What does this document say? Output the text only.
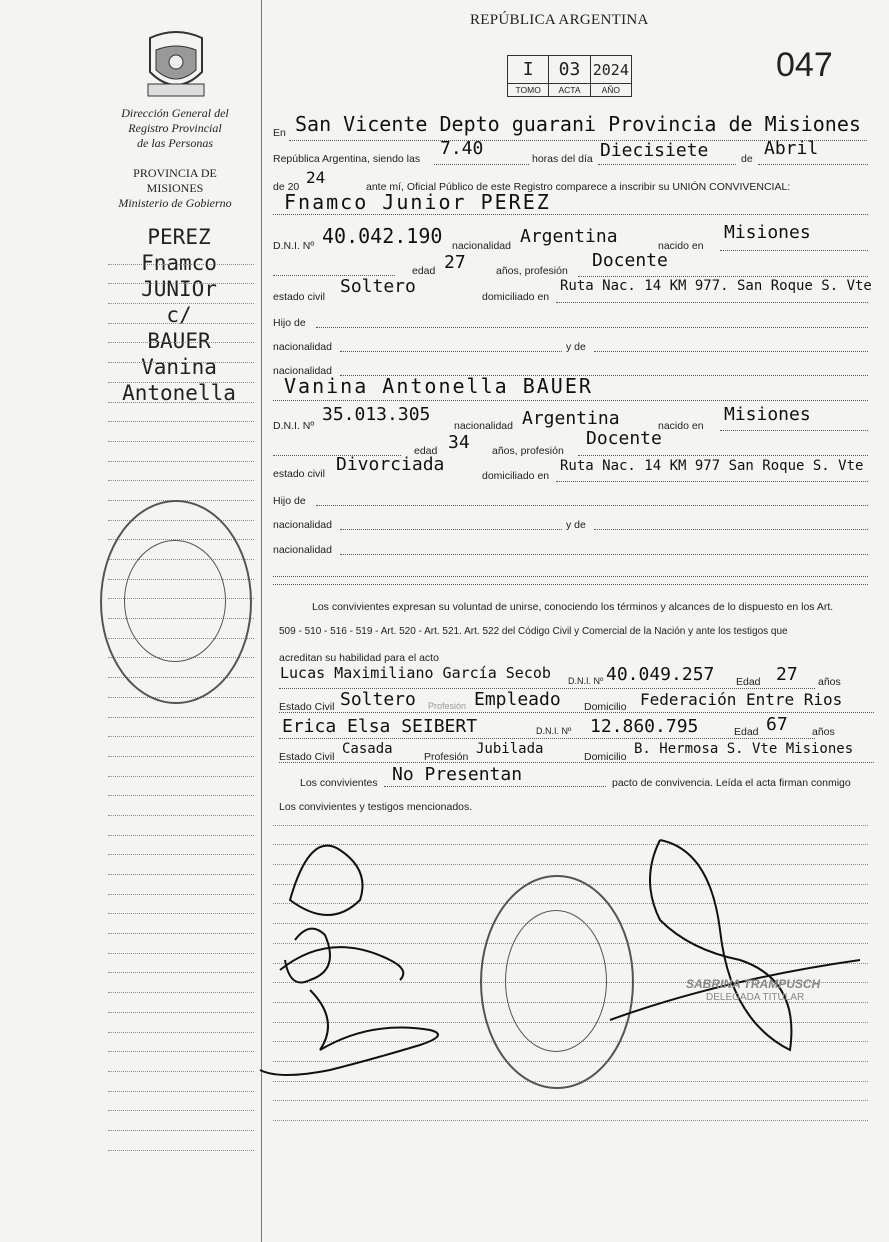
Dirección General del
Registro Provincial
de las Personas
PROVINCIA DE
MISIONES
Ministerio de Gobierno
PEREZ
Fnamco
JUNIOr
c/
BAUER
Vanina
Antonella
REPÚBLICA ARGENTINA
I
TOMO
03
ACTA
2024
AÑO
047
En San Vicente Depto guarani Provincia de Misiones
República Argentina, siendo las 7.40	horas del día Diecisiete	de Abril
de 20 24	ante mí, Oficial Público de este Registro comparece a inscribir su UNIÓN CONVIVENCIAL:
Fnamco Junior PEREZ
D.N.I. Nº 40.042.190 nacionalidad Argentina	nacido en
Misiones
edad 27	años, profesión Docente
estado civil Soltero	domiciliado en
Ruta Nac. 14 KM 977. San Roque S. Vte
Hijo de
nacionalidad	y de
nacionalidad
Vanina Antonella BAUER
D.N.I. Nº
35.013.305
nacionalidad Argentina	nacido en
Misiones
edad 34 años, profesión
Docente
estado civil Divorciada
domiciliado en
Ruta Nac. 14 KM 977 San Roque S. Vte
Hijo de
nacionalidad	y de
nacionalidad
Los convivientes expresan su voluntad de unirse, conociendo los términos y alcances de lo dispuesto en los Art.
509 - 510 - 516 - 519 - Art. 520 - Art. 521. Art. 522 del Código Civil y Comercial de la Nación y ante los testigos que
acreditan su habilidad para el acto
Lucas Maximiliano García Secob D.N.I. Nº 40.049.257 Edad 27 años
Estado Civil Soltero Profesión Empleado Domicilio Federación Entre Rios
Erica Elsa SEIBERT	D.N.I. Nº 12.860.795	Edad 67 años
Estado Civil Casada	Profesión Jubilada	Domicilio B. Hermosa S. Vte Misiones
Los convivientes No Presentan	pacto de convivencia. Leída el acta firman conmigo
Los convivientes y testigos mencionados.
SABRINA TRAMPUSCH
DELEGADA TITULAR
